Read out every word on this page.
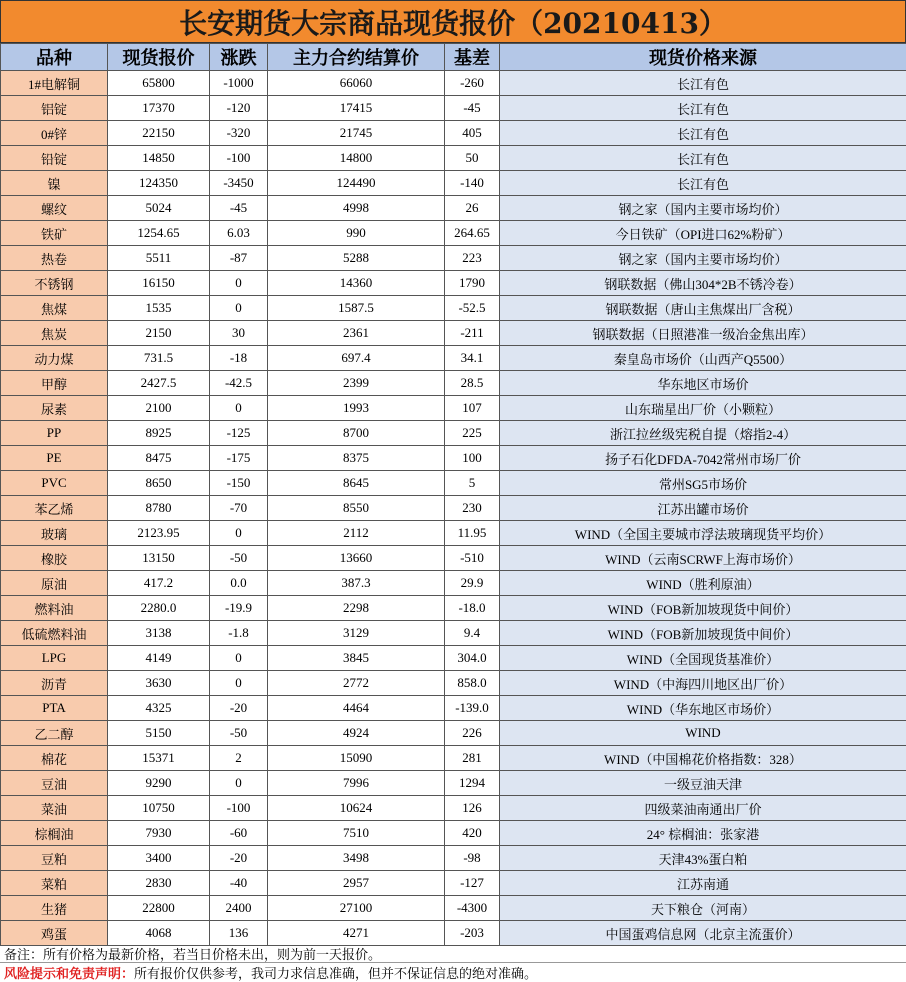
长安期货大宗商品现货报价（20210413）
品种	现货报价	涨跌	主力合约结算价	基差	现货价格来源
1#电解铜	65800	-1000	66060	-260	长江有色
铝锭	17370	-120	17415	-45	长江有色
0#锌	22150	-320	21745	405	长江有色
铅锭	14850	-100	14800	50	长江有色
镍	124350	-3450	124490	-140	长江有色
螺纹	5024	-45	4998	26	钢之家（国内主要市场均价）
铁矿	1254.65	6.03	990	264.65	今日铁矿（OPI进口62%粉矿）
热卷	5511	-87	5288	223	钢之家（国内主要市场均价）
不锈钢	16150	0	14360	1790	钢联数据（佛山304*2B不锈冷卷）
焦煤	1535	0	1587.5	-52.5	钢联数据（唐山主焦煤出厂含税）
焦炭	2150	30	2361	-211	钢联数据（日照港准一级冶金焦出库）
动力煤	731.5	-18	697.4	34.1	秦皇岛市场价（山西产Q5500）
甲醇	2427.5	-42.5	2399	28.5	华东地区市场价
尿素	2100	0	1993	107	山东瑞星出厂价（小颗粒）
PP	8925	-125	8700	225	浙江拉丝级宪税自提（熔指2-4）
PE	8475	-175	8375	100	扬子石化DFDA-7042常州市场厂价
PVC	8650	-150	8645	5	常州SG5市场价
苯乙烯	8780	-70	8550	230	江苏出罐市场价
玻璃	2123.95	0	2112	11.95	WIND（全国主要城市浮法玻璃现货平均价）
橡胶	13150	-50	13660	-510	WIND（云南SCRWF上海市场价）
原油	417.2	0.0	387.3	29.9	WIND（胜利原油）
燃料油	2280.0	-19.9	2298	-18.0	WIND（FOB新加坡现货中间价）
低硫燃料油	3138	-1.8	3129	9.4	WIND（FOB新加坡现货中间价）
LPG	4149	0	3845	304.0	WIND（全国现货基准价）
沥青	3630	0	2772	858.0	WIND（中海四川地区出厂价）
PTA	4325	-20	4464	-139.0	WIND（华东地区市场价）
乙二醇	5150	-50	4924	226	WIND
棉花	15371	2	15090	281	WIND（中国棉花价格指数：328）
豆油	9290	0	7996	1294	一级豆油天津
菜油	10750	-100	10624	126	四级菜油南通出厂价
棕榈油	7930	-60	7510	420	24° 棕榈油：张家港
豆粕	3400	-20	3498	-98	天津43%蛋白粕
菜粕	2830	-40	2957	-127	江苏南通
生猪	22800	2400	27100	-4300	天下粮仓（河南）
鸡蛋	4068	136	4271	-203	中国蛋鸡信息网（北京主流蛋价）
备注：所有价格为最新价格，若当日价格未出，则为前一天报价。
风险提示和免责声明： 所有报价仅供参考，我司力求信息准确，但并不保证信息的绝对准确。
